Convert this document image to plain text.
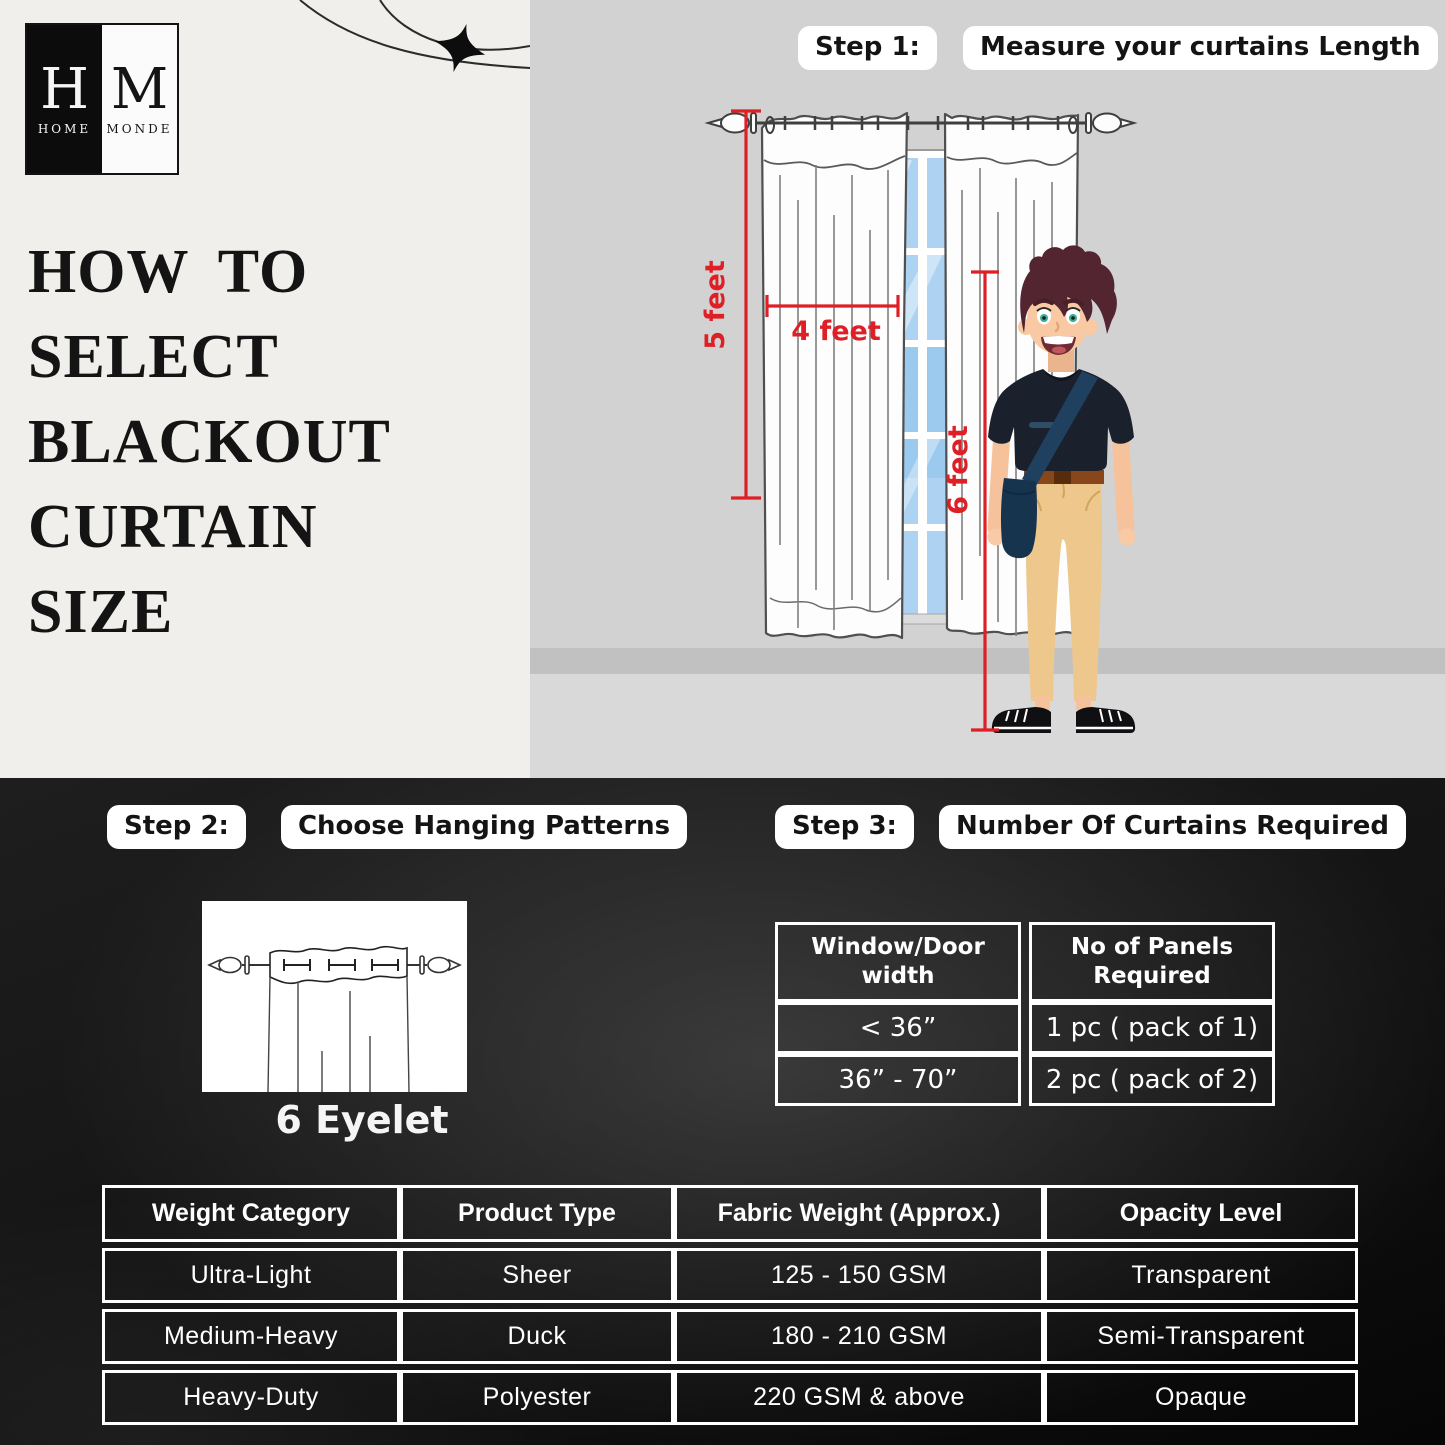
H
HOME
M
MONDE
HOW TO
SELECT
BLACKOUT
CURTAIN
SIZE
5 feet 4 feet
6 feet
Step 1:	Measure your curtains Length
Step 2:	Choose Hanging Patterns	Step 3:	Number Of Curtains Required
6 Eyelet
Window/Door width	No of Panels Required
< 36”	1 pc ( pack of 1)
36” - 70”	2 pc ( pack of 2)
Weight Category	Product Type	Fabric Weight (Approx.)	Opacity Level
Ultra-Light	Sheer	125 - 150 GSM	Transparent
Medium-Heavy	Duck	180 - 210 GSM	Semi-Transparent
Heavy-Duty	Polyester	220 GSM & above	Opaque
